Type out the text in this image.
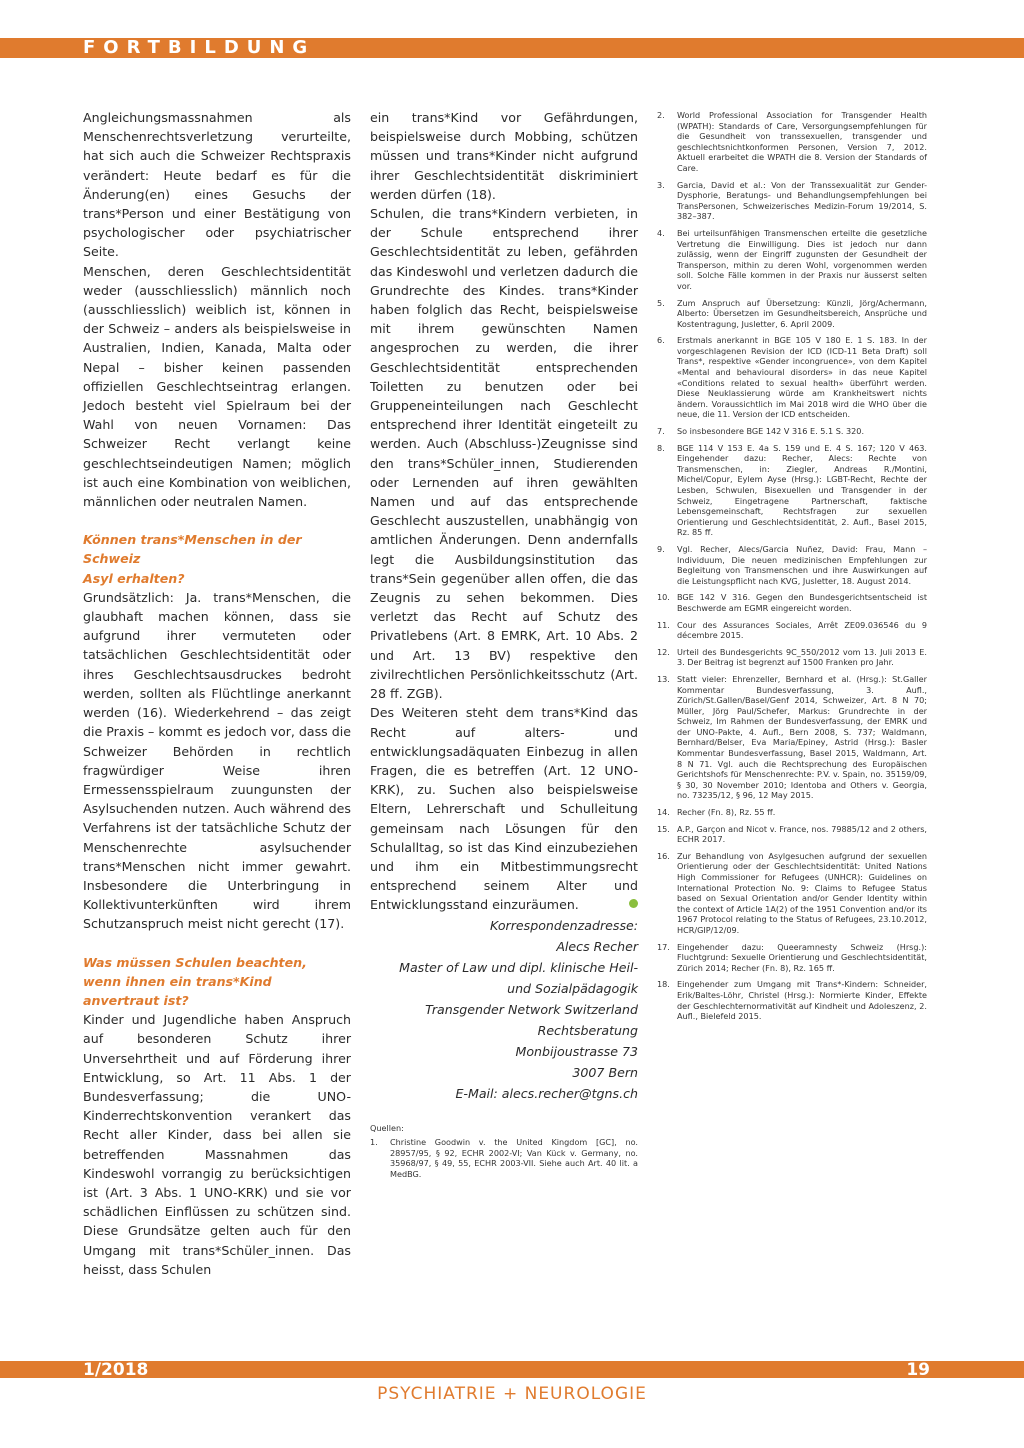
FORTBILDUNG

Angleichungsmassnahmen als Menschenrechtsverletzung verurteilte, hat sich auch die Schweizer Rechtspraxis verändert: Heute bedarf es für die Änderung(en) eines Gesuchs der trans*Person und einer Bestätigung von psychologischer oder psychiatrischer Seite.

Menschen, deren Geschlechtsidentität weder (ausschliesslich) männlich noch (ausschliesslich) weiblich ist, können in der Schweiz – anders als beispielsweise in Australien, Indien, Kanada, Malta oder Nepal – bisher keinen passenden offiziellen Geschlechtseintrag erlangen. Jedoch besteht viel Spielraum bei der Wahl von neuen Vornamen: Das Schweizer Recht verlangt keine geschlechtseindeutigen Namen; möglich ist auch eine Kombination von weiblichen, männlichen oder neutralen Namen.

Können trans*Menschen in der Schweiz
Asyl erhalten?

Grundsätzlich: Ja. trans*Menschen, die glaubhaft machen können, dass sie aufgrund ihrer vermuteten oder tatsächlichen Geschlechtsidentität oder ihres Geschlechtsausdruckes bedroht werden, sollten als Flüchtlinge anerkannt werden (16). Wiederkehrend – das zeigt die Praxis – kommt es jedoch vor, dass die Schweizer Behörden in rechtlich fragwürdiger Weise ihren Ermessensspielraum zuungunsten der Asylsuchenden nutzen. Auch während des Verfahrens ist der tatsächliche Schutz der Menschenrechte asylsuchender trans*Menschen nicht immer gewahrt. Insbesondere die Unterbringung in Kollektivunterkünften wird ihrem Schutzanspruch meist nicht gerecht (17).

Was müssen Schulen beachten,
wenn ihnen ein trans*Kind anvertraut ist?

Kinder und Jugendliche haben Anspruch auf besonderen Schutz ihrer Unversehrtheit und auf Förderung ihrer Entwicklung, so Art. 11 Abs. 1 der Bundesverfassung; die UNO-Kinderrechtskonvention verankert das Recht aller Kinder, dass bei allen sie betreffenden Massnahmen das Kindeswohl vorrangig zu berücksichtigen ist (Art. 3 Abs. 1 UNO-KRK) und sie vor schädlichen Einflüssen zu schützen sind. Diese Grundsätze gelten auch für den Umgang mit trans*Schüler_innen. Das heisst, dass Schulen

ein trans*Kind vor Gefährdungen, beispielsweise durch Mobbing, schützen müssen und trans*Kinder nicht aufgrund ihrer Geschlechtsidentität diskriminiert werden dürfen (18).

Schulen, die trans*Kindern verbieten, in der Schule entsprechend ihrer Geschlechtsidentität zu leben, gefährden das Kindeswohl und verletzen dadurch die Grundrechte des Kindes. trans*Kinder haben folglich das Recht, beispielsweise mit ihrem gewünschten Namen angesprochen zu werden, die ihrer Geschlechtsidentität entsprechenden Toiletten zu benutzen oder bei Gruppeneinteilungen nach Geschlecht entsprechend ihrer Identität eingeteilt zu werden. Auch (Abschluss-)Zeugnisse sind den trans*Schüler_innen, Studierenden oder Lernenden auf ihren gewählten Namen und auf das entsprechende Geschlecht auszustellen, unabhängig von amtlichen Änderungen. Denn andernfalls legt die Ausbildungsinstitution das trans*Sein gegenüber allen offen, die das Zeugnis zu sehen bekommen. Dies verletzt das Recht auf Schutz des Privatlebens (Art. 8 EMRK, Art. 10 Abs. 2 und Art. 13 BV) respektive den zivilrechtlichen Persönlichkeitsschutz (Art. 28 ff. ZGB).

Des Weiteren steht dem trans*Kind das Recht auf alters- und entwicklungsadäquaten Einbezug in allen Fragen, die es betreffen (Art. 12 UNO-KRK), zu. Suchen also beispielsweise Eltern, Lehrerschaft und Schulleitung gemeinsam nach Lösungen für den Schulalltag, so ist das Kind einzubeziehen und ihm ein Mitbestimmungsrecht entsprechend seinem Alter und Entwicklungsstand einzuräumen.

Korrespondenzadresse:
Alecs Recher
Master of Law und dipl. klinische Heil-
und Sozialpädagogik
Transgender Network Switzerland
Rechtsberatung
Monbijoustrasse 73
3007 Bern
E-Mail: alecs.recher@tgns.ch
Quellen:
1.	Christine Goodwin v. the United Kingdom [GC], no. 28957/95, § 92, ECHR 2002-VI; Van Kück v. Germany, no. 35968/97, § 49, 55, ECHR 2003-VII. Siehe auch Art. 40 lit. a MedBG.
2.	World Professional Association for Transgender Health (WPATH): Standards of Care, Versorgungsempfehlungen für die Gesundheit von transsexuellen, transgender und geschlechtsnichtkonformen Personen, Version 7, 2012. Aktuell erarbeitet die WPATH die 8. Version der Standards of Care.
3.	Garcia, David et al.: Von der Transsexualität zur Gender-Dysphorie, Beratungs- und Behandlungsempfehlungen bei TransPersonen, Schweizerisches Medizin-Forum 19/2014, S. 382–387.
4.	Bei urteilsunfähigen Transmenschen erteilte die gesetzliche Vertretung die Einwilligung. Dies ist jedoch nur dann zulässig, wenn der Eingriff zugunsten der Gesundheit der Transperson, mithin zu deren Wohl, vorgenommen werden soll. Solche Fälle kommen in der Praxis nur äusserst selten vor.
5.	Zum Anspruch auf Übersetzung: Künzli, Jörg/Achermann, Alberto: Übersetzen im Gesundheitsbereich, Ansprüche und Kostentragung, Jusletter, 6. April 2009.
6.	Erstmals anerkannt in BGE 105 V 180 E. 1 S. 183. In der vorgeschlagenen Revision der ICD (ICD-11 Beta Draft) soll Trans*, respektive «Gender incongruence», von dem Kapitel «Mental and behavioural disorders» in das neue Kapitel «Conditions related to sexual health» überführt werden. Diese Neuklassierung würde am Krankheitswert nichts ändern. Voraussichtlich im Mai 2018 wird die WHO über die neue, die 11. Version der ICD entscheiden.
7.	So insbesondere BGE 142 V 316 E. 5.1 S. 320.
8.	BGE 114 V 153 E. 4a S. 159 und E. 4 S. 167; 120 V 463. Eingehender dazu: Recher, Alecs: Rechte von Transmenschen, in: Ziegler, Andreas R./Montini, Michel/Copur, Eylem Ayse (Hrsg.): LGBT-Recht, Rechte der Lesben, Schwulen, Bisexuellen und Transgender in der Schweiz, Eingetragene Partnerschaft, faktische Lebensgemeinschaft, Rechtsfragen zur sexuellen Orientierung und Geschlechtsidentität, 2. Aufl., Basel 2015, Rz. 85 ff.
9.	Vgl. Recher, Alecs/Garcia Nuñez, David: Frau, Mann – Individuum, Die neuen medizinischen Empfehlungen zur Begleitung von Transmenschen und ihre Auswirkungen auf die Leistungspflicht nach KVG, Jusletter, 18. August 2014.
10. BGE 142 V 316. Gegen den Bundesgerichtsentscheid ist Beschwerde am EGMR eingereicht worden.
11. Cour des Assurances Sociales, Arrêt ZE09.036546 du 9 décembre 2015.
12. Urteil des Bundesgerichts 9C_550/2012 vom 13. Juli 2013 E. 3. Der Beitrag ist begrenzt auf 1500 Franken pro Jahr.
13. Statt vieler: Ehrenzeller, Bernhard et al. (Hrsg.): St.Galler Kommentar Bundesverfassung, 3. Aufl., Zürich/St.Gallen/Basel/Genf 2014, Schweizer, Art. 8 N 70; Müller, Jörg Paul/Schefer, Markus: Grundrechte in der Schweiz, Im Rahmen der Bundesverfassung, der EMRK und der UNO-Pakte, 4. Aufl., Bern 2008, S. 737; Waldmann, Bernhard/Belser, Eva Maria/Epiney, Astrid (Hrsg.): Basler Kommentar Bundesverfassung, Basel 2015, Waldmann, Art. 8 N 71. Vgl. auch die Rechtsprechung des Europäischen Gerichtshofs für Menschenrechte: P.V. v. Spain, no. 35159/09, § 30, 30 November 2010; Identoba and Others v. Georgia, no. 73235/12, § 96, 12 May 2015.
14. Recher (Fn. 8), Rz. 55 ff.
15. A.P., Garçon and Nicot v. France, nos. 79885/12 and 2 others, ECHR 2017.
16. Zur Behandlung von Asylgesuchen aufgrund der sexuellen Orientierung oder der Geschlechtsidentität: United Nations High Commissioner for Refugees (UNHCR): Guidelines on International Protection No. 9: Claims to Refugee Status based on Sexual Orientation and/or Gender Identity within the context of Article 1A(2) of the 1951 Convention and/or its 1967 Protocol relating to the Status of Refugees, 23.10.2012, HCR/GIP/12/09.
17. Eingehender dazu: Queeramnesty Schweiz (Hrsg.): Fluchtgrund: Sexuelle Orientierung und Geschlechtsidentität, Zürich 2014; Recher (Fn. 8), Rz. 165 ff.
18. Eingehender zum Umgang mit Trans*-Kindern: Schneider, Erik/Baltes-Löhr, Christel (Hrsg.): Normierte Kinder, Effekte der Geschlechternormativität auf Kindheit und Adoleszenz, 2. Aufl., Bielefeld 2015.
1/2018	19
PSYCHIATRIE + NEUROLOGIE
